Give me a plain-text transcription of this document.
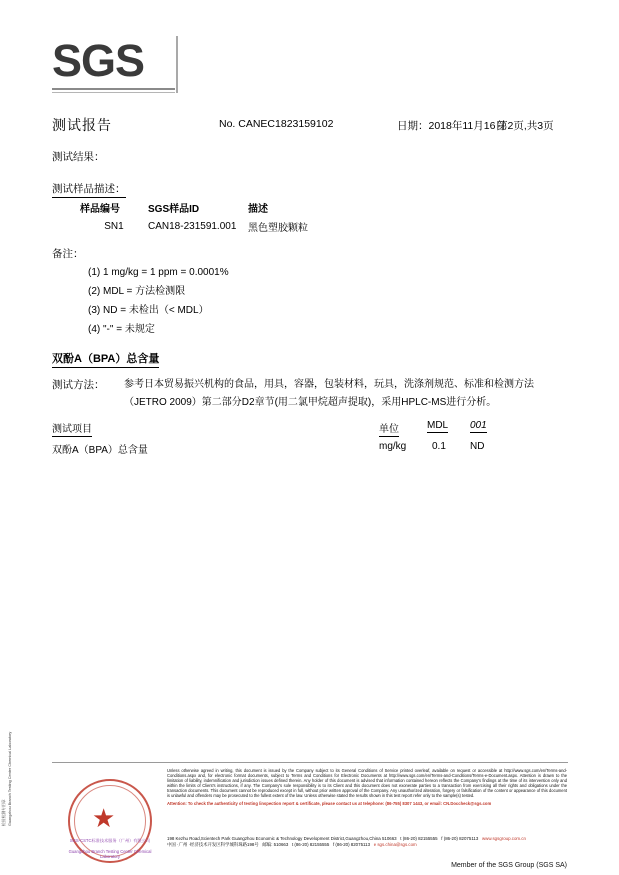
SGS
测试报告	No. CANEC1823159102	日期：2018年11月16日
第2页,共3页
测试结果：
测试样品描述：
样品编号	SGS样品ID	描述
SN1	CAN18-231591.001	黑色塑胶颗粒
备注：
(1) 1 mg/kg = 1 ppm = 0.0001%
(2) MDL = 方法检测限
(3) ND = 未检出（< MDL）
(4) "-" = 未规定
双酚A（BPA）总含量
测试方法： 参考日本贸易振兴机构的食品，用具，容器，包装材料，玩具，洗涤剂规范、标准和检测方法（JETRO 2009）第二部分D2章节(用二氯甲烷超声提取)，采用HPLC-MS进行分析。
测试项目	单位	MDL 001
双酚A（BPA）总含量	mg/kg	0.1 ND
检验检测专用章 Guangzhou Branch Testing Center Chemical Laboratory
SGS-CSTC标准技术服务（广州）有限公司
Guangzhou Branch Testing Center Chemical Laboratory
Unless otherwise agreed in writing, this document is issued by the Company subject to its General Conditions of Service printed overleaf, available on request or accessible at http://www.sgs.com/en/Terms-and-Conditions.aspx and, for electronic format documents, subject to Terms and Conditions for Electronic Documents at http://www.sgs.com/en/Terms-and-Conditions/Terms-e-Document.aspx. Attention is drawn to the limitation of liability, indemnification and jurisdiction issues defined therein. Any holder of this document is advised that information contained hereon reflects the Company's findings at the time of its intervention only and within the limits of Client's instructions, if any. The Company's sole responsibility is to its Client and this document does not exonerate parties to a transaction from exercising all their rights and obligations under the transaction documents. This document cannot be reproduced except in full, without prior written approval of the Company. Any unauthorized alteration, forgery or falsification of the content or appearance of this document is unlawful and offenders may be prosecuted to the fullest extent of the law. Unless otherwise stated the results shown in this test report refer only to the sample(s) tested.
Attention: To check the authenticity of testing /inspection report & certificate, please contact us at telephone: (86-755) 8307 1443, or email: CN.Doccheck@sgs.com
198 Kezhu Road,Scientech Park Guangzhou Economic & Technology Development District,Guangzhou,China 510663 t (86-20) 82155555 f (86-20) 82075113 www.sgsgroup.com.cn
中国 ·广州 ·经济技术开发区科学城科珠路198号 邮编: 510663 t (86-20) 82155555 f (86-20) 82075113 e sgs.china@sgs.com
Member of the SGS Group (SGS SA)
